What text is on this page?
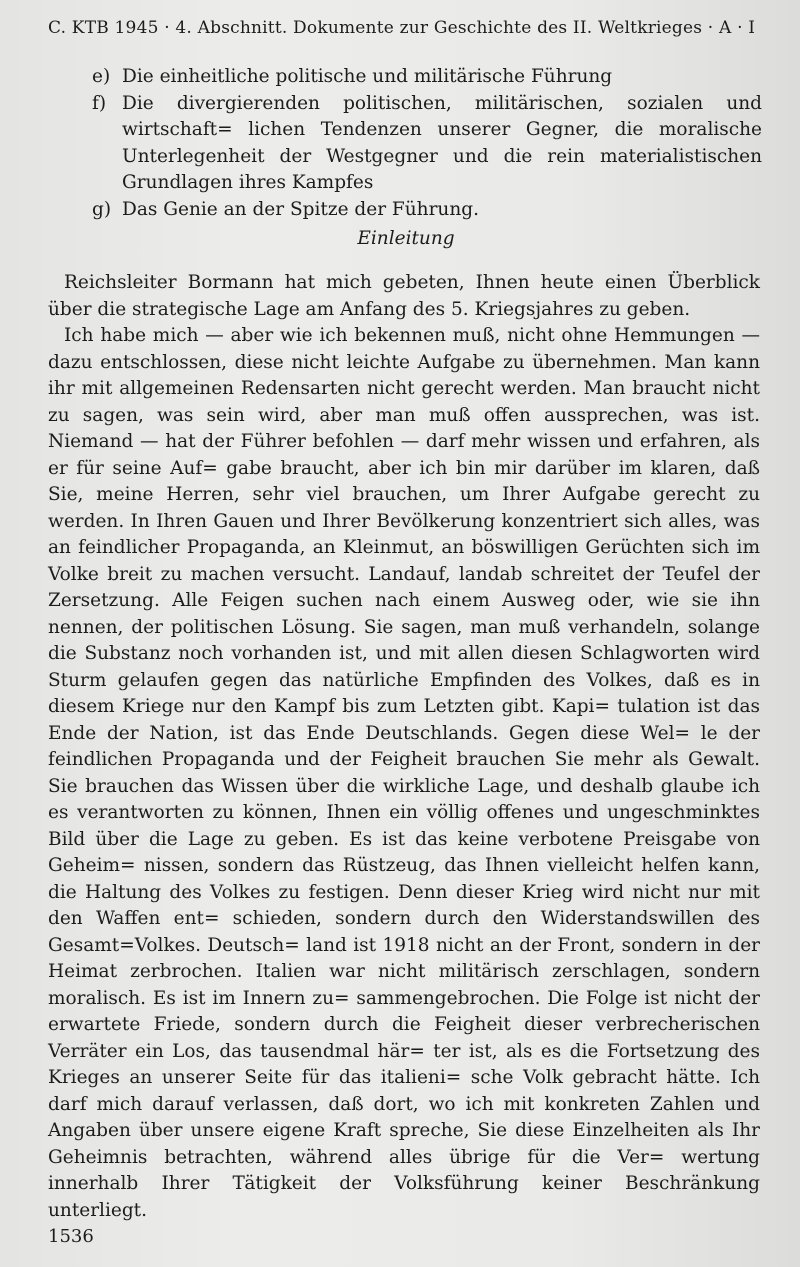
C. KTB 1945 · 4. Abschnitt. Dokumente zur Geschichte des II. Weltkrieges · A · I
e) Die einheitliche politische und militärische Führung
f) Die divergierenden politischen, militärischen, sozialen und wirtschaft= lichen Tendenzen unserer Gegner, die moralische Unterlegenheit der Westgegner und die rein materialistischen Grundlagen ihres Kampfes
g) Das Genie an der Spitze der Führung.
Einleitung

Reichsleiter Bormann hat mich gebeten, Ihnen heute einen Überblick über die strategische Lage am Anfang des 5. Kriegsjahres zu geben.

Ich habe mich — aber wie ich bekennen muß, nicht ohne Hemmungen — dazu entschlossen, diese nicht leichte Aufgabe zu übernehmen. Man kann ihr mit allgemeinen Redensarten nicht gerecht werden. Man braucht nicht zu sagen, was sein wird, aber man muß offen aussprechen, was ist. Niemand — hat der Führer befohlen — darf mehr wissen und erfahren, als er für seine Auf= gabe braucht, aber ich bin mir darüber im klaren, daß Sie, meine Herren, sehr viel brauchen, um Ihrer Aufgabe gerecht zu werden. In Ihren Gauen und Ihrer Bevölkerung konzentriert sich alles, was an feindlicher Propaganda, an Kleinmut, an böswilligen Gerüchten sich im Volke breit zu machen versucht. Landauf, landab schreitet der Teufel der Zersetzung. Alle Feigen suchen nach einem Ausweg oder, wie sie ihn nennen, der politischen Lösung. Sie sagen, man muß verhandeln, solange die Substanz noch vorhanden ist, und mit allen diesen Schlagworten wird Sturm gelaufen gegen das natürliche Empfinden des Volkes, daß es in diesem Kriege nur den Kampf bis zum Letzten gibt. Kapi= tulation ist das Ende der Nation, ist das Ende Deutschlands. Gegen diese Wel= le der feindlichen Propaganda und der Feigheit brauchen Sie mehr als Gewalt. Sie brauchen das Wissen über die wirkliche Lage, und deshalb glaube ich es verantworten zu können, Ihnen ein völlig offenes und ungeschminktes Bild über die Lage zu geben. Es ist das keine verbotene Preisgabe von Geheim= nissen, sondern das Rüstzeug, das Ihnen vielleicht helfen kann, die Haltung des Volkes zu festigen. Denn dieser Krieg wird nicht nur mit den Waffen ent= schieden, sondern durch den Widerstandswillen des Gesamt=Volkes. Deutsch= land ist 1918 nicht an der Front, sondern in der Heimat zerbrochen. Italien war nicht militärisch zerschlagen, sondern moralisch. Es ist im Innern zu= sammengebrochen. Die Folge ist nicht der erwartete Friede, sondern durch die Feigheit dieser verbrecherischen Verräter ein Los, das tausendmal här= ter ist, als es die Fortsetzung des Krieges an unserer Seite für das italieni= sche Volk gebracht hätte. Ich darf mich darauf verlassen, daß dort, wo ich mit konkreten Zahlen und Angaben über unsere eigene Kraft spreche, Sie diese Einzelheiten als Ihr Geheimnis betrachten, während alles übrige für die Ver= wertung innerhalb Ihrer Tätigkeit der Volksführung keiner Beschränkung unterliegt.

1536
